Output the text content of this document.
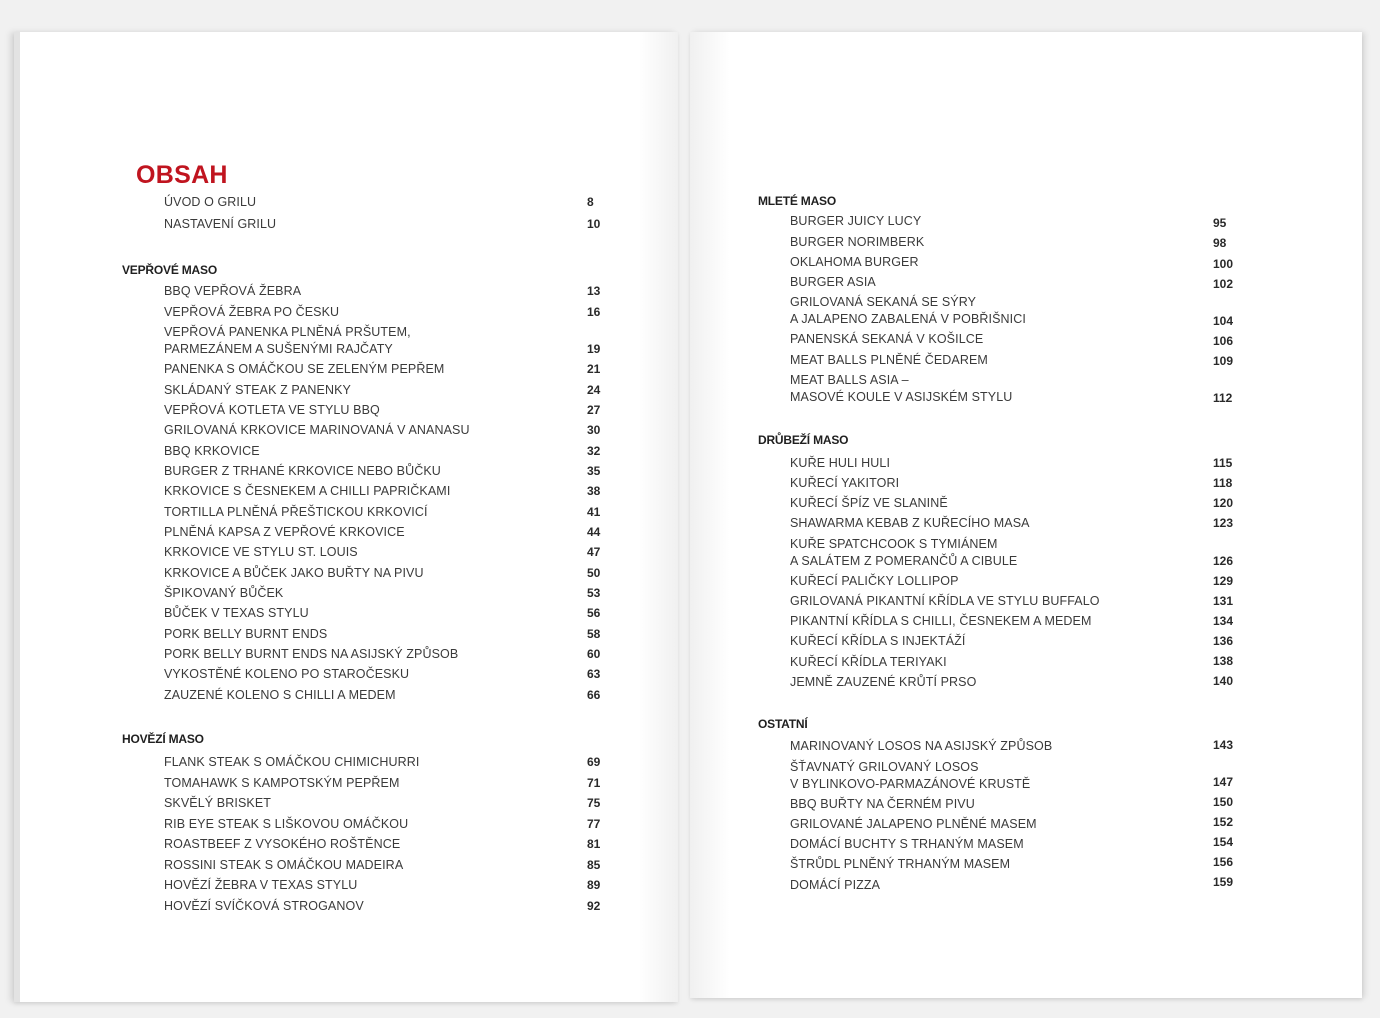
OBSAH
ÚVOD O GRILU	8
NASTAVENÍ GRILU	10
VEPŘOVÉ MASO
BBQ VEPŘOVÁ ŽEBRA	13
VEPŘOVÁ ŽEBRA PO ČESKU	16
VEPŘOVÁ PANENKA PLNĚNÁ PRŠUTEM,
PARMEZÁNEM A SUŠENÝMI RAJČATY	19
PANENKA S OMÁČKOU SE ZELENÝM PEPŘEM	21
SKLÁDANÝ STEAK Z PANENKY	24
VEPŘOVÁ KOTLETA VE STYLU BBQ	27
GRILOVANÁ KRKOVICE MARINOVANÁ V ANANASU	30
BBQ KRKOVICE	32
BURGER Z TRHANÉ KRKOVICE NEBO BŮČKU	35
KRKOVICE S ČESNEKEM A CHILLI PAPRIČKAMI	38
TORTILLA PLNĚNÁ PŘEŠTICKOU KRKOVICÍ	41
PLNĚNÁ KAPSA Z VEPŘOVÉ KRKOVICE	44
KRKOVICE VE STYLU ST. LOUIS	47
KRKOVICE A BŮČEK JAKO BUŘTY NA PIVU	50
ŠPIKOVANÝ BŮČEK	53
BŮČEK V TEXAS STYLU	56
PORK BELLY BURNT ENDS	58
PORK BELLY BURNT ENDS NA ASIJSKÝ ZPŮSOB	60
VYKOSTĚNÉ KOLENO PO STAROČESKU	63
ZAUZENÉ KOLENO S CHILLI A MEDEM	66
HOVĚZÍ MASO
FLANK STEAK S OMÁČKOU CHIMICHURRI	69
TOMAHAWK S KAMPOTSKÝM PEPŘEM	71
SKVĚLÝ BRISKET	75
RIB EYE STEAK S LIŠKOVOU OMÁČKOU	77
ROASTBEEF Z VYSOKÉHO ROŠTĚNCE	81
ROSSINI STEAK S OMÁČKOU MADEIRA	85
HOVĚZÍ ŽEBRA V TEXAS STYLU	89
HOVĚZÍ SVÍČKOVÁ STROGANOV	92
MLETÉ MASO
BURGER JUICY LUCY	95
BURGER NORIMBERK	98
OKLAHOMA BURGER	100
BURGER ASIA	102
GRILOVANÁ SEKANÁ SE SÝRY
A JALAPENO ZABALENÁ V POBŘIŠNICI	104
PANENSKÁ SEKANÁ V KOŠILCE	106
MEAT BALLS PLNĚNÉ ČEDAREM	109
MEAT BALLS ASIA –
MASOVÉ KOULE V ASIJSKÉM STYLU	112
DRŮBEŽÍ MASO
KUŘE HULI HULI	115
KUŘECÍ YAKITORI	118
KUŘECÍ ŠPÍZ VE SLANINĚ	120
SHAWARMA KEBAB Z KUŘECÍHO MASA	123
KUŘE SPATCHCOOK S TYMIÁNEM
A SALÁTEM Z POMERANČŮ A CIBULE	126
KUŘECÍ PALIČKY LOLLIPOP	129
GRILOVANÁ PIKANTNÍ KŘÍDLA VE STYLU BUFFALO	131
PIKANTNÍ KŘÍDLA S CHILLI, ČESNEKEM A MEDEM	134
KUŘECÍ KŘÍDLA S INJEKTÁŽÍ	136
KUŘECÍ KŘÍDLA TERIYAKI	138
JEMNĚ ZAUZENÉ KRŮTÍ PRSO	140
OSTATNÍ
MARINOVANÝ LOSOS NA ASIJSKÝ ZPŮSOB	143
ŠŤAVNATÝ GRILOVANÝ LOSOS
V BYLINKOVO-PARMAZÁNOVÉ KRUSTĚ	147
BBQ BUŘTY NA ČERNÉM PIVU	150
GRILOVANÉ JALAPENO PLNĚNÉ MASEM	152
DOMÁCÍ BUCHTY S TRHANÝM MASEM	154
ŠTRŮDL PLNĚNÝ TRHANÝM MASEM	156
DOMÁCÍ PIZZA	159
